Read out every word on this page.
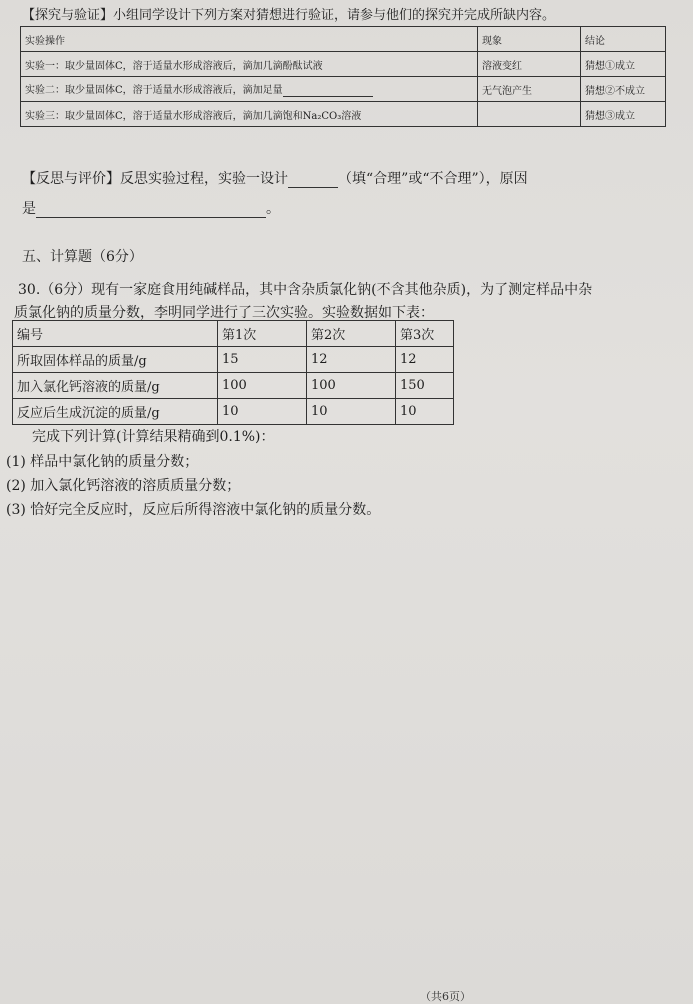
【探究与验证】小组同学设计下列方案对猜想进行验证，请参与他们的探究并完成所缺内容。
实验操作	现象	结论
实验一：取少量固体C，溶于适量水形成溶液后，滴加几滴酚酞试液	溶液变红	猜想①成立
实验二：取少量固体C，溶于适量水形成溶液后，滴加足量	无气泡产生	猜想②不成立
实验三：取少量固体C，溶于适量水形成溶液后，滴加几滴饱和Na₂CO₃溶液		猜想③成立
【反思与评价】反思实验过程，实验一设计	（填“合理”或“不合理”），原因
是	。
五、计算题（6分）
30.（6分）现有一家庭食用纯碱样品，其中含杂质氯化钠(不含其他杂质)，为了测定样品中杂
质氯化钠的质量分数，李明同学进行了三次实验。实验数据如下表：
编号	第1次	第2次	第3次
所取固体样品的质量/g	15	12	12
加入氯化钙溶液的质量/g	100	100	150
反应后生成沉淀的质量/g	10	10	10
完成下列计算(计算结果精确到0.1%)：
(1) 样品中氯化钠的质量分数；
(2) 加入氯化钙溶液的溶质质量分数；
(3) 恰好完全反应时，反应后所得溶液中氯化钠的质量分数。
（共6页）
